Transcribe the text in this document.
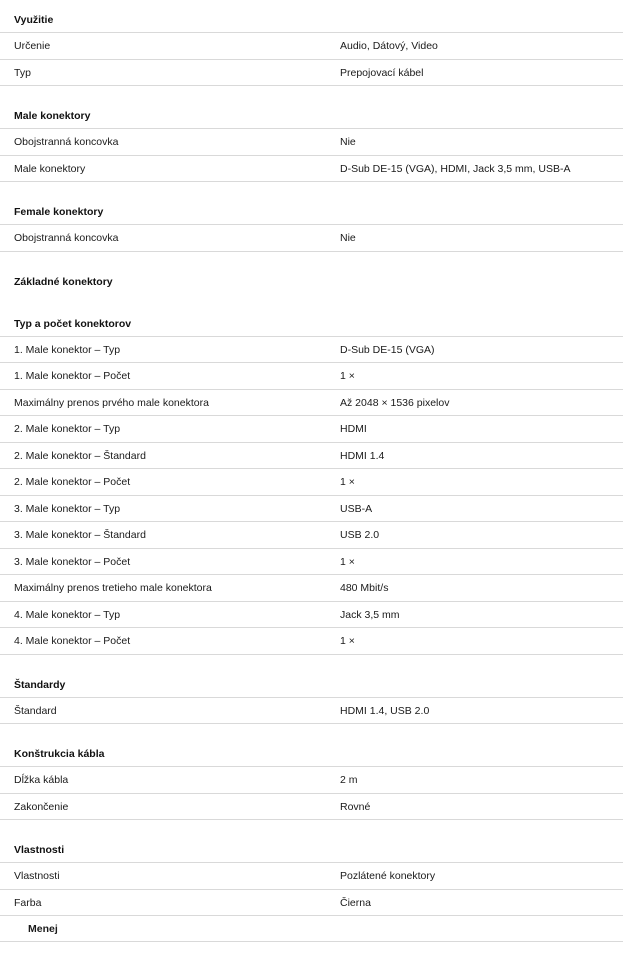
Využitie
Určenie	Audio, Dátový, Video
Typ	Prepojovací kábel
Male konektory
Obojstranná koncovka	Nie
Male konektory	D-Sub DE-15 (VGA), HDMI, Jack 3,5 mm, USB-A
Female konektory
Obojstranná koncovka	Nie
Základné konektory
Typ a počet konektorov
1. Male konektor – Typ	D-Sub DE-15 (VGA)
1. Male konektor – Počet	1 ×
Maximálny prenos prvého male konektora	Až 2048 × 1536 pixelov
2. Male konektor – Typ	HDMI
2. Male konektor – Štandard	HDMI 1.4
2. Male konektor – Počet	1 ×
3. Male konektor – Typ	USB-A
3. Male konektor – Štandard	USB 2.0
3. Male konektor – Počet	1 ×
Maximálny prenos tretieho male konektora	480 Mbit/s
4. Male konektor – Typ	Jack 3,5 mm
4. Male konektor – Počet	1 ×
Štandardy
Štandard	HDMI 1.4, USB 2.0
Konštrukcia kábla
Dĺžka kábla	2 m
Zakončenie	Rovné
Vlastnosti
Vlastnosti	Pozlátené konektory
Farba	Čierna
Menej
